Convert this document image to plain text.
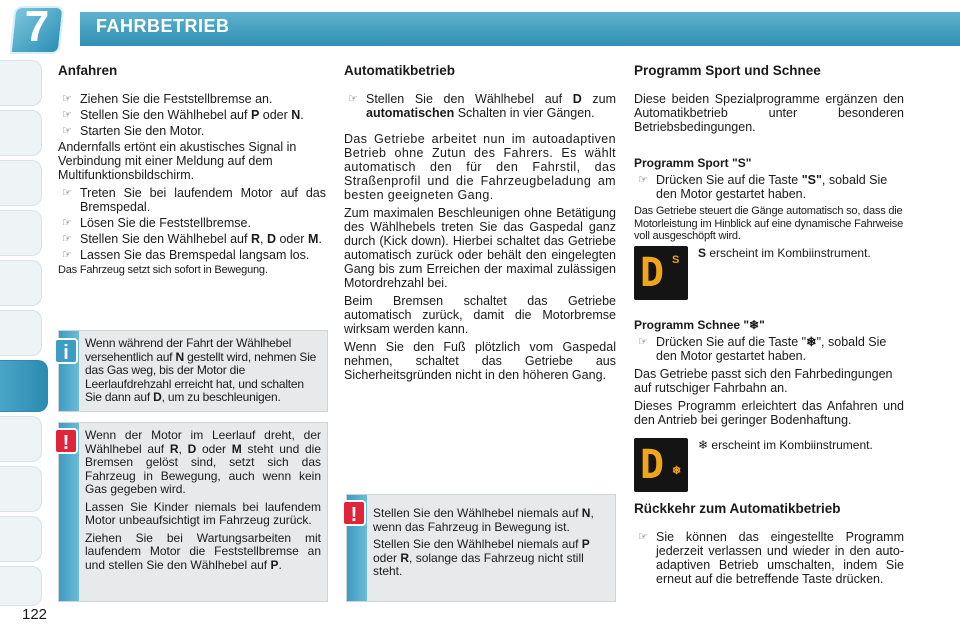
7	FAHRBETRIEB
122
Anfahren
☞ Ziehen Sie die Feststellbremse an.
☞ Stellen Sie den Wählhebel auf P oder N.
☞ Starten Sie den Motor.
Andernfalls ertönt ein akustisches Signal in Verbindung mit einer Meldung auf dem Multifunktionsbildschirm.
☞ Treten Sie bei laufendem Motor auf das Bremspedal.
☞ Lösen Sie die Feststellbremse.
☞ Stellen Sie den Wählhebel auf R, D oder M.
☞ Lassen Sie das Bremspedal langsam los.
Das Fahrzeug setzt sich sofort in Bewegung.
Wenn während der Fahrt der Wählhebel versehentlich auf N gestellt wird, nehmen Sie das Gas weg, bis der Motor die Leerlaufdrehzahl erreicht hat, und schalten Sie dann auf D, um zu beschleunigen.
i

Wenn der Motor im Leerlauf dreht, der Wählhebel auf R, D oder M steht und die Bremsen gelöst sind, setzt sich das Fahrzeug in Bewegung, auch wenn kein Gas gegeben wird.

Lassen Sie Kinder niemals bei laufendem Motor unbeaufsichtigt im Fahrzeug zurück.

Ziehen Sie bei Wartungsarbeiten mit laufendem Motor die Feststellbremse an und stellen Sie den Wählhebel auf P.

!
Automatikbetrieb
☞ Stellen Sie den Wählhebel auf D zum automatischen Schalten in vier Gängen.
Das Getriebe arbeitet nun im autoadaptiven Betrieb ohne Zutun des Fahrers. Es wählt automatisch den für den Fahrstil, das Straßenprofil und die Fahrzeugbeladung am besten geeigneten Gang.
Zum maximalen Beschleunigen ohne Betätigung des Wählhebels treten Sie das Gaspedal ganz durch (Kick down). Hierbei schaltet das Getriebe automatisch zurück oder behält den eingelegten Gang bis zum Erreichen der maximal zulässigen Motordrehzahl bei.
Beim Bremsen schaltet das Getriebe automatisch zurück, damit die Motorbremse wirksam werden kann.
Wenn Sie den Fuß plötzlich vom Gaspedal nehmen, schaltet das Getriebe aus Sicherheitsgründen nicht in den höheren Gang.

Stellen Sie den Wählhebel niemals auf N, wenn das Fahrzeug in Bewegung ist.

Stellen Sie den Wählhebel niemals auf P oder R, solange das Fahrzeug nicht still steht.

!
Programm Sport und Schnee
Diese beiden Spezialprogramme ergänzen den Automatikbetrieb unter besonderen Betriebsbedingungen.
Programm Sport "S"
☞ Drücken Sie auf die Taste "S", sobald Sie den Motor gestartet haben.
Das Getriebe steuert die Gänge automatisch so, dass die Motorleistung im Hinblick auf eine dynamische Fahrweise voll ausgeschöpft wird.
D S S erscheint im Kombiinstrument.
Programm Schnee "❄"
☞ Drücken Sie auf die Taste "❄", sobald Sie den Motor gestartet haben.
Das Getriebe passt sich den Fahrbedingungen auf rutschiger Fahrbahn an.
Dieses Programm erleichtert das Anfahren und den Antrieb bei geringer Bodenhaftung.
D ❄
❄ erscheint im Kombiinstrument.
Rückkehr zum Automatikbetrieb
☞ Sie können das eingestellte Programm jederzeit verlassen und wieder in den auto-adaptiven Betrieb umschalten, indem Sie erneut auf die betreffende Taste drücken.
